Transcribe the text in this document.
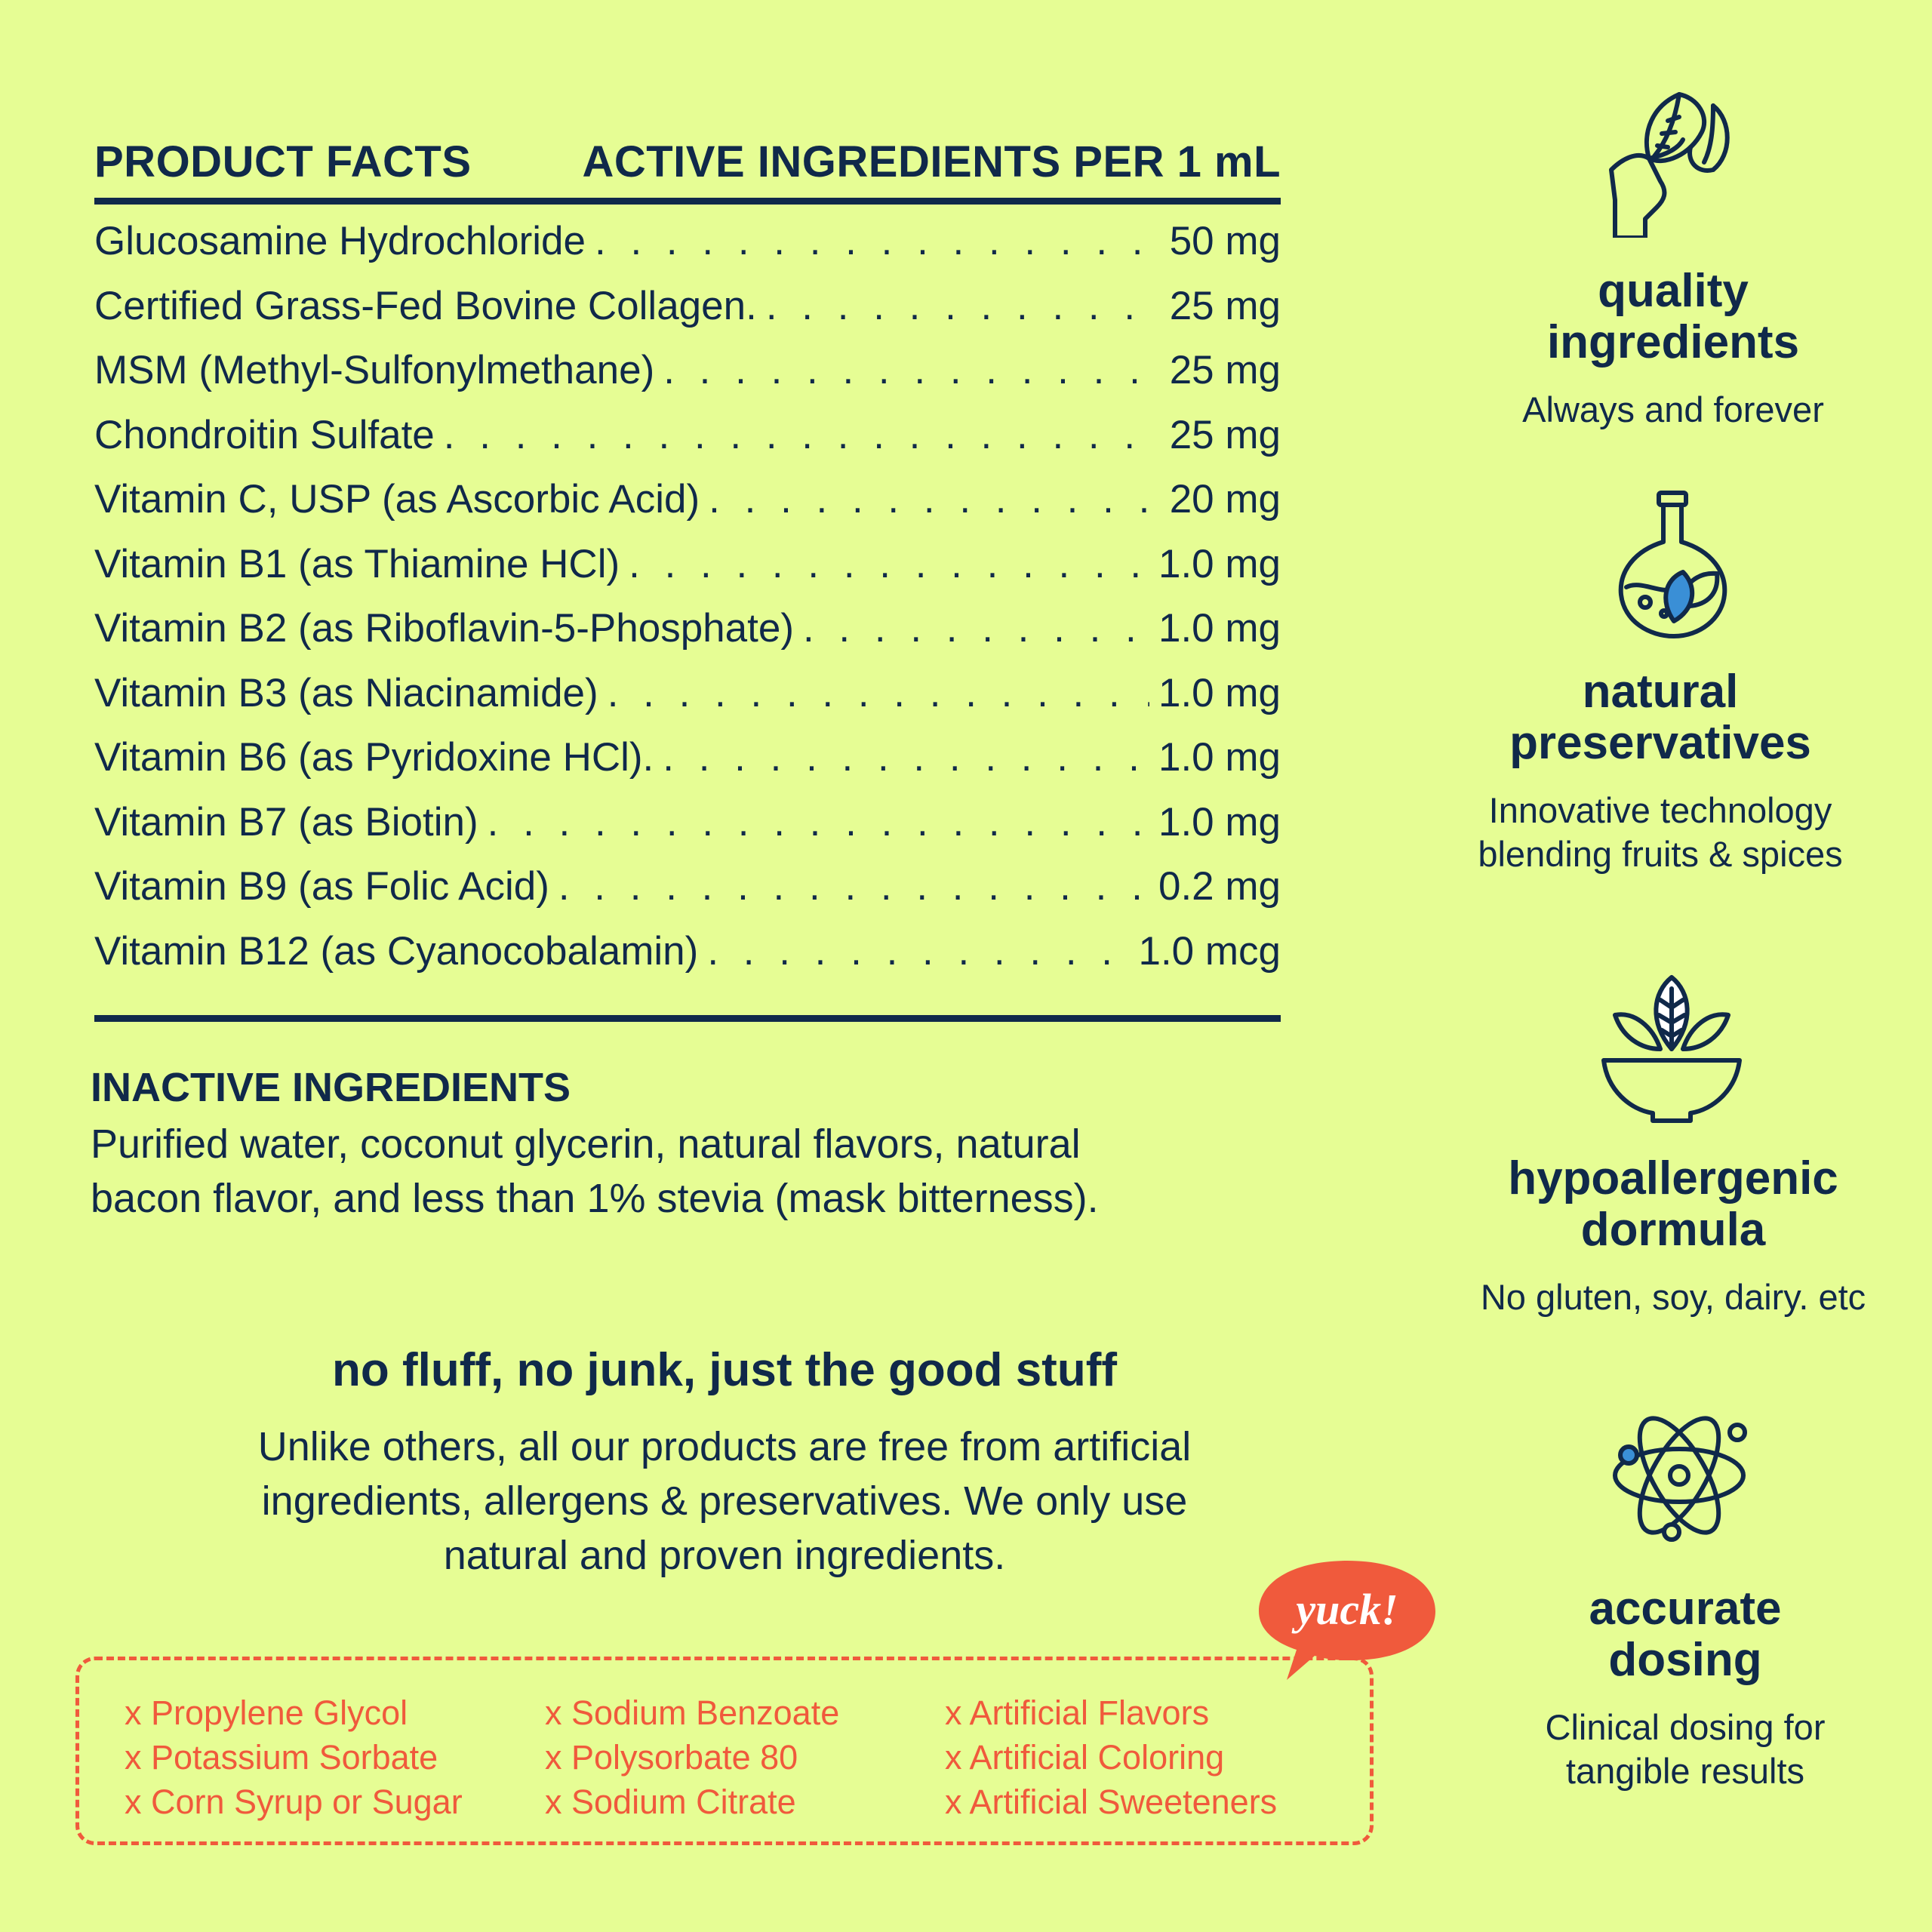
PRODUCT FACTS	ACTIVE INGREDIENTS PER 1 mL
Glucosamine Hydrochloride . . .	50 mg
Certified Grass-Fed Bovine Collagen. . . .	25 mg
MSM (Methyl-Sulfonylmethane) . . .	25 mg
Chondroitin Sulfate . . .	25 mg
Vitamin C, USP (as Ascorbic Acid) . . .	20 mg
Vitamin B1 (as Thiamine HCl) . . .	1.0 mg
Vitamin B2 (as Riboflavin-5-Phosphate) . . .	1.0 mg
Vitamin B3 (as Niacinamide) . . .	1.0 mg
Vitamin B6 (as Pyridoxine HCl). . . .	1.0 mg
Vitamin B7 (as Biotin) . . .	1.0 mg
Vitamin B9 (as Folic Acid) . . .	0.2 mg
Vitamin B12 (as Cyanocobalamin) . . .	1.0 mcg
INACTIVE INGREDIENTS
Purified water, coconut glycerin, natural flavors, natural
bacon flavor, and less than 1% stevia (mask bitterness).
no fluff, no junk, just the good stuff
Unlike others, all our products are free from artificial
ingredients, allergens & preservatives. We only use
natural and proven ingredients.
x Propylene Glycol
x Potassium Sorbate
x Corn Syrup or Sugar
x Sodium Benzoate
x Polysorbate 80
x Sodium Citrate
x Artificial Flavors
x Artificial Coloring
x Artificial Sweeteners
yuck!
quality
ingredients
Always and forever
natural
preservatives
Innovative technology
blending fruits & spices
hypoallergenic
dormula
No gluten, soy, dairy. etc
accurate
dosing
Clinical dosing for
tangible results
